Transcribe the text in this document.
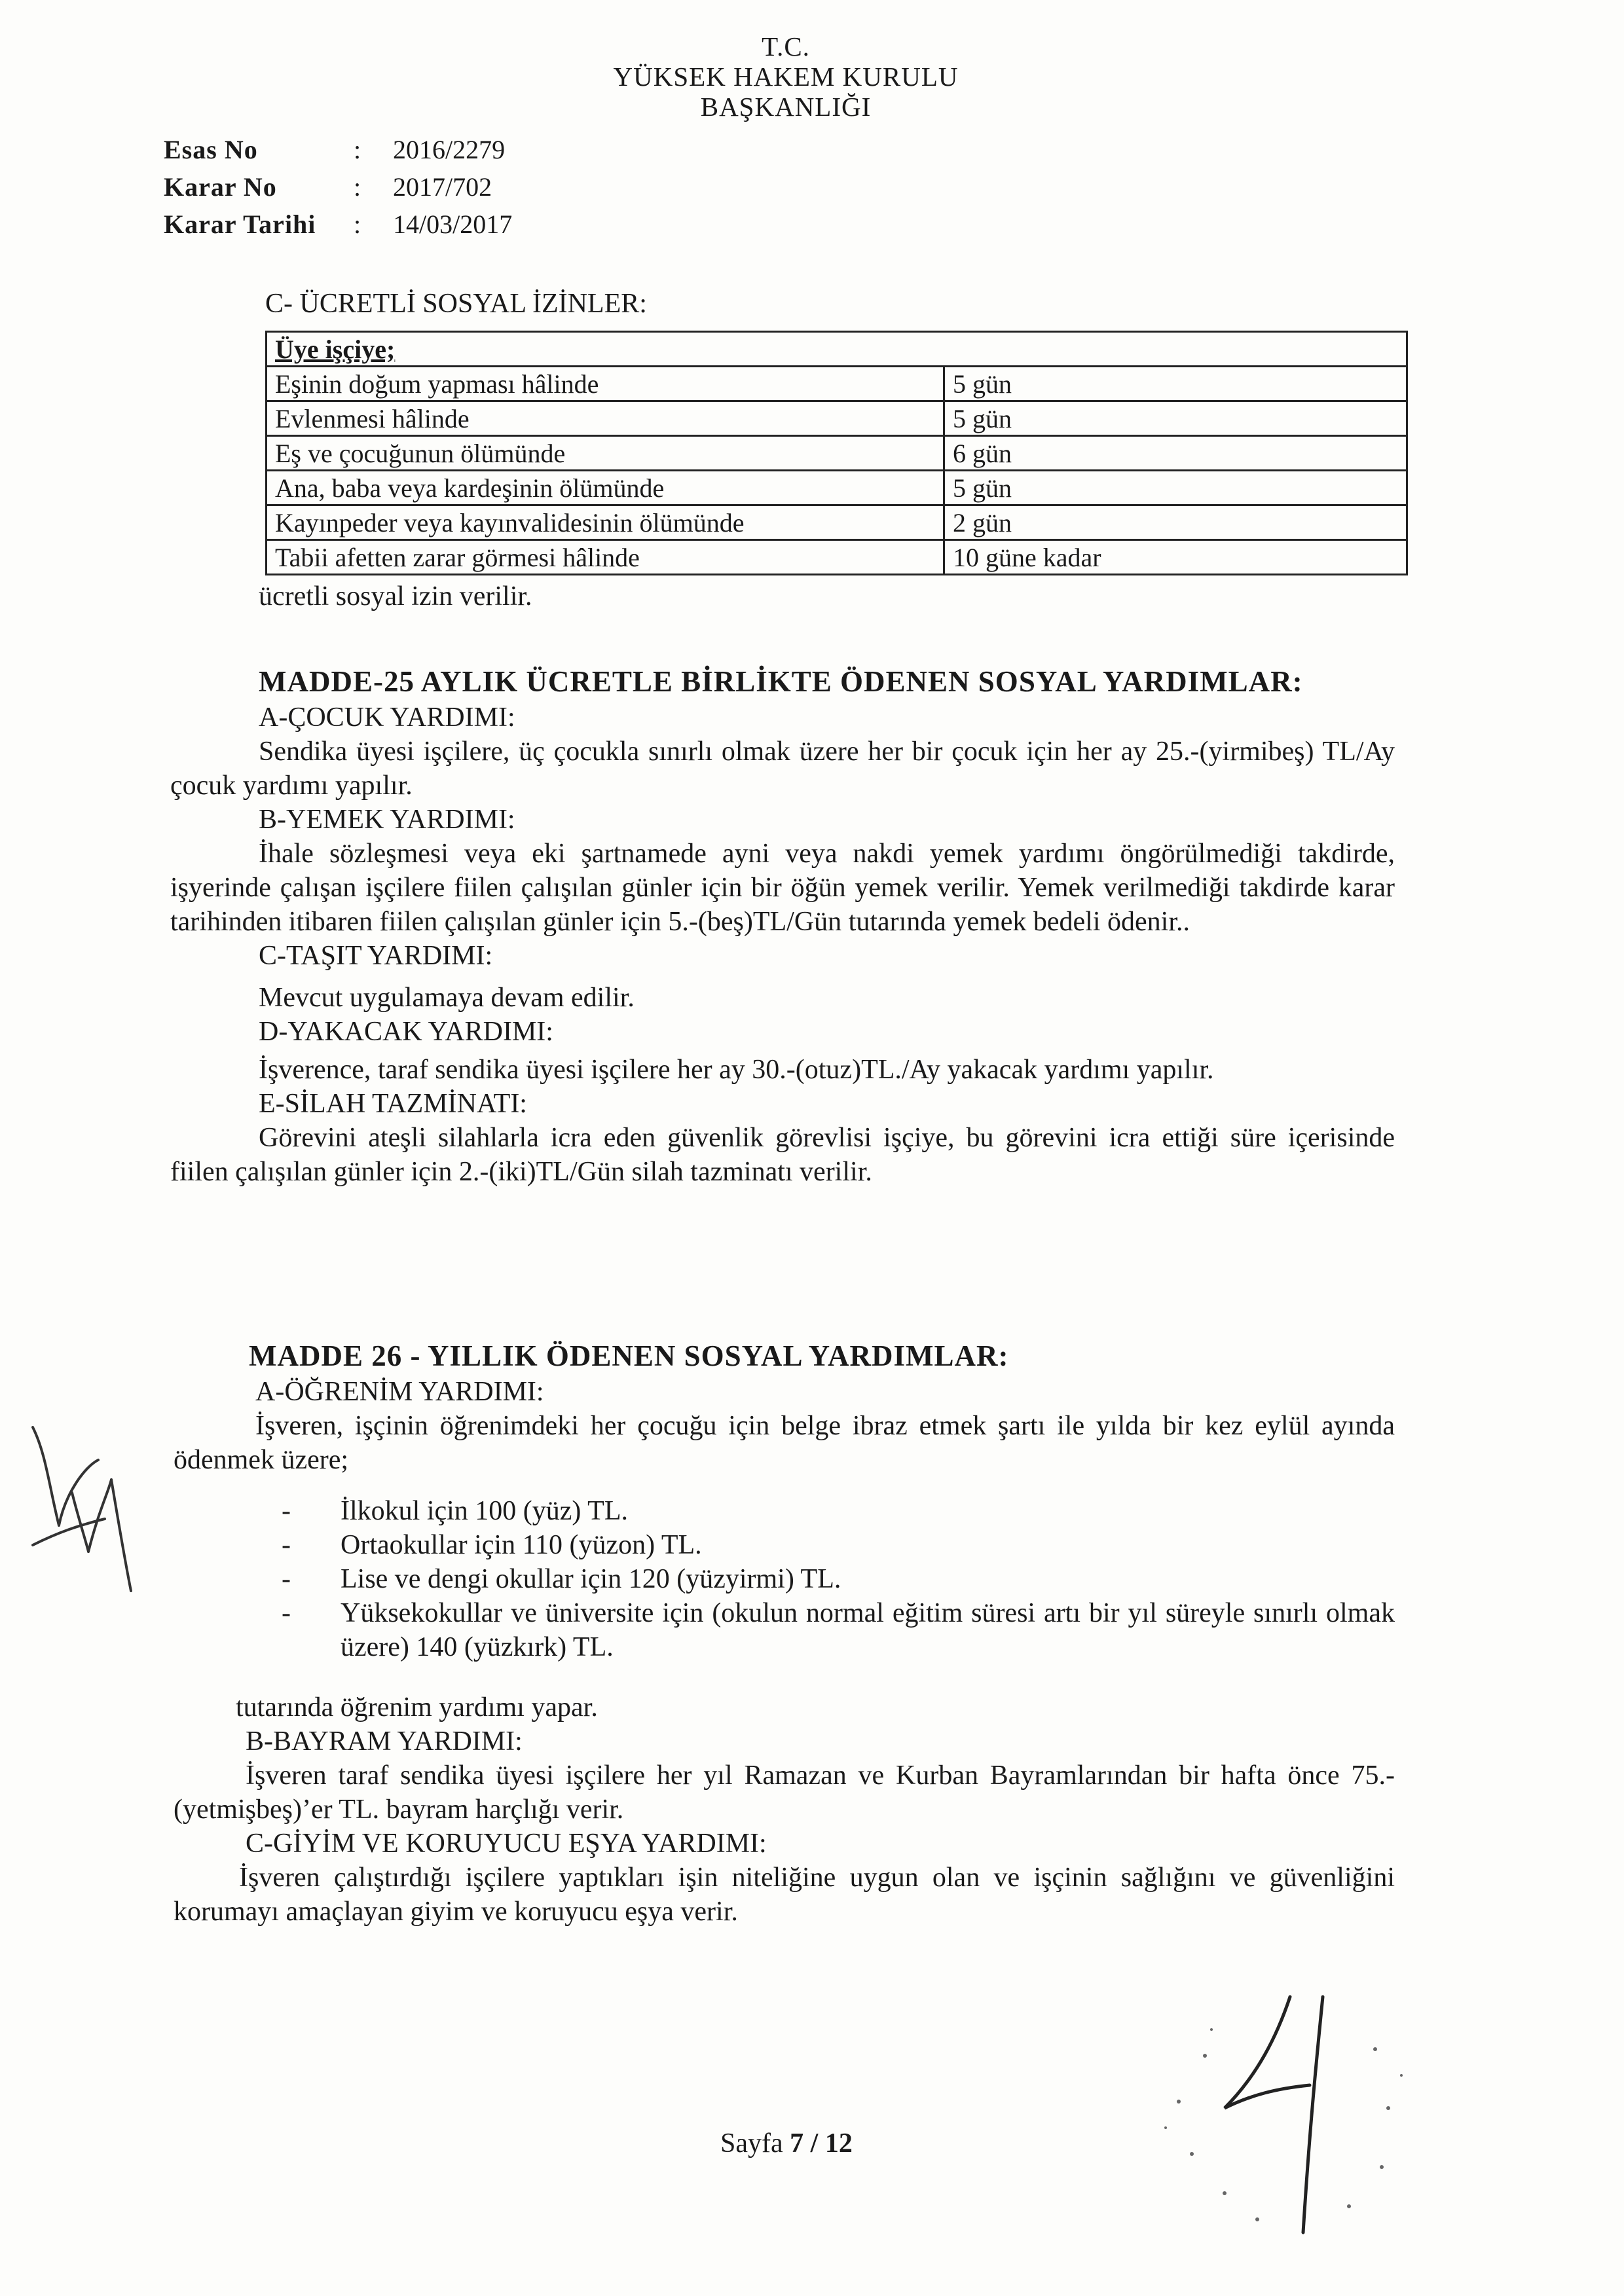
T.C.
YÜKSEK HAKEM KURULU
BAŞKANLIĞI
Esas No	:	2016/2279
Karar No	:	2017/702
Karar Tarihi	:	14/03/2017
C- ÜCRETLİ SOSYAL İZİNLER:
Üye işçiye;	
Eşinin doğum yapması hâlinde	5 gün
Evlenmesi hâlinde	5 gün
Eş ve çocuğunun ölümünde	6 gün
Ana, baba veya kardeşinin ölümünde	5 gün
Kayınpeder veya kayınvalidesinin ölümünde	2 gün
Tabii afetten zarar görmesi hâlinde	10 güne kadar
ücretli sosyal izin verilir.
MADDE-25 AYLIK ÜCRETLE BİRLİKTE ÖDENEN SOSYAL YARDIMLAR:
A-ÇOCUK YARDIMI:
Sendika üyesi işçilere, üç çocukla sınırlı olmak üzere her bir çocuk için her ay 25.-(yirmibeş) TL/Ay çocuk yardımı yapılır.
B-YEMEK YARDIMI:
İhale sözleşmesi veya eki şartnamede ayni veya nakdi yemek yardımı öngörülmediği takdirde, işyerinde çalışan işçilere fiilen çalışılan günler için bir öğün yemek verilir. Yemek verilmediği takdirde karar tarihinden itibaren fiilen çalışılan günler için 5.-(beş)TL/Gün tutarında yemek bedeli ödenir..
C-TAŞIT YARDIMI:
Mevcut uygulamaya devam edilir.
D-YAKACAK YARDIMI:
İşverence, taraf sendika üyesi işçilere her ay 30.-(otuz)TL./Ay yakacak yardımı yapılır.
E-SİLAH TAZMİNATI:
Görevini ateşli silahlarla icra eden güvenlik görevlisi işçiye, bu görevini icra ettiği süre içerisinde fiilen çalışılan günler için 2.-(iki)TL/Gün silah tazminatı verilir.
MADDE 26 - YILLIK ÖDENEN SOSYAL YARDIMLAR:
A-ÖĞRENİM YARDIMI:
İşveren, işçinin öğrenimdeki her çocuğu için belge ibraz etmek şartı ile yılda bir kez eylül ayında ödenmek üzere;
- İlkokul için 100 (yüz) TL.
- Ortaokullar için 110 (yüzon) TL.
- Lise ve dengi okullar için 120 (yüzyirmi) TL.
- Yüksekokullar ve üniversite için (okulun normal eğitim süresi artı bir yıl süreyle sınırlı olmak üzere) 140 (yüzkırk) TL.
tutarında öğrenim yardımı yapar.
B-BAYRAM YARDIMI:
İşveren taraf sendika üyesi işçilere her yıl Ramazan ve Kurban Bayramlarından bir hafta önce 75.-(yetmişbeş)’er TL. bayram harçlığı verir.
C-GİYİM VE KORUYUCU EŞYA YARDIMI:
İşveren çalıştırdığı işçilere yaptıkları işin niteliğine uygun olan ve işçinin sağlığını ve güvenliğini korumayı amaçlayan giyim ve koruyucu eşya verir.
Sayfa 7 / 12
